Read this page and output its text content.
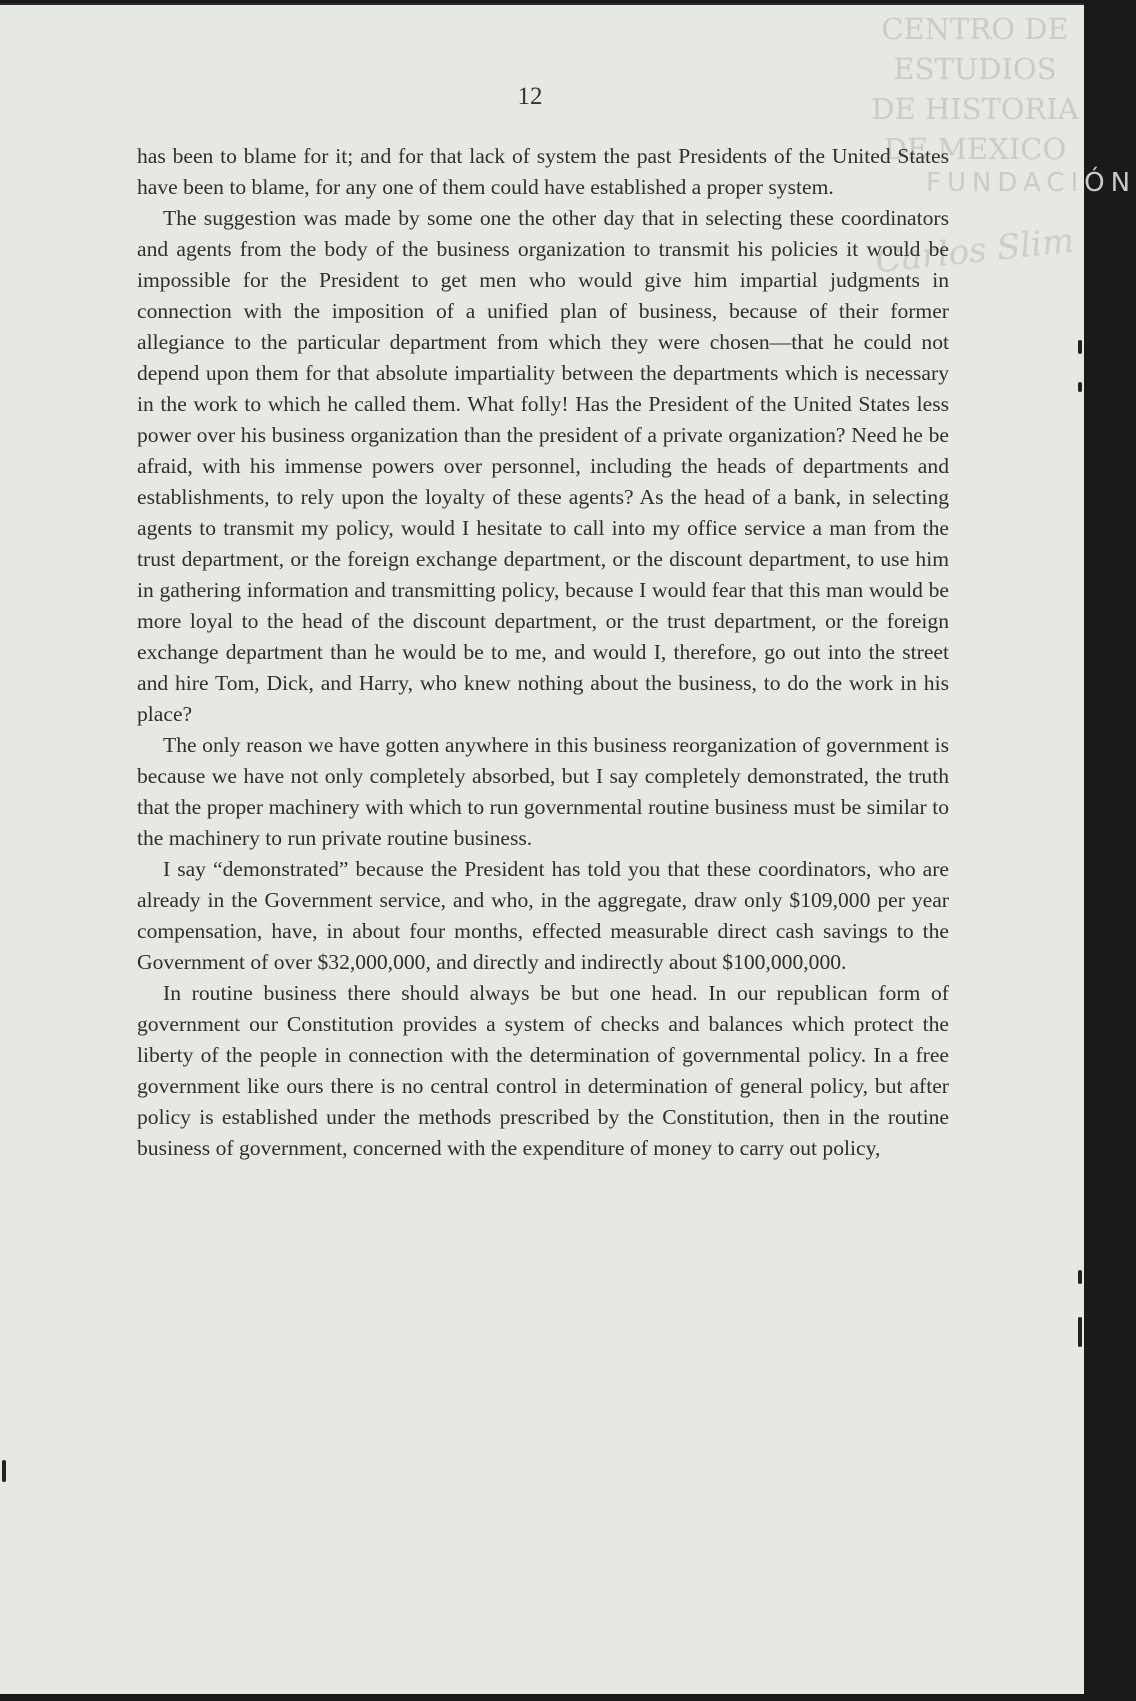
CENTRO DE
ESTUDIOS
DE HISTORIA
DE MEXICO
FUNDACIÓN
Carlos Slim
12

has been to blame for it; and for that lack of system the past Presidents of the United States have been to blame, for any one of them could have established a proper system.

The suggestion was made by some one the other day that in selecting these coordinators and agents from the body of the business organization to transmit his policies it would be impossible for the President to get men who would give him impartial judgments in connection with the imposition of a unified plan of business, because of their former allegiance to the particular department from which they were chosen—that he could not depend upon them for that absolute impartiality between the departments which is necessary in the work to which he called them. What folly! Has the President of the United States less power over his business organization than the president of a private organization? Need he be afraid, with his immense powers over personnel, including the heads of departments and establishments, to rely upon the loyalty of these agents? As the head of a bank, in selecting agents to transmit my policy, would I hesitate to call into my office service a man from the trust department, or the foreign exchange department, or the discount department, to use him in gathering information and transmitting policy, because I would fear that this man would be more loyal to the head of the discount department, or the trust department, or the foreign exchange department than he would be to me, and would I, therefore, go out into the street and hire Tom, Dick, and Harry, who knew nothing about the business, to do the work in his place?

The only reason we have gotten anywhere in this business reorganization of government is because we have not only completely absorbed, but I say completely demonstrated, the truth that the proper machinery with which to run governmental routine business must be similar to the machinery to run private routine business.

I say “demonstrated” because the President has told you that these coordinators, who are already in the Government service, and who, in the aggregate, draw only $109,000 per year compensation, have, in about four months, effected measurable direct cash savings to the Government of over $32,000,000, and directly and indirectly about $100,000,000.

In routine business there should always be but one head. In our republican form of government our Constitution provides a system of checks and balances which protect the liberty of the people in connection with the determination of governmental policy. In a free government like ours there is no central control in determination of general policy, but after policy is established under the methods prescribed by the Constitution, then in the routine business of government, concerned with the expenditure of money to carry out policy,
